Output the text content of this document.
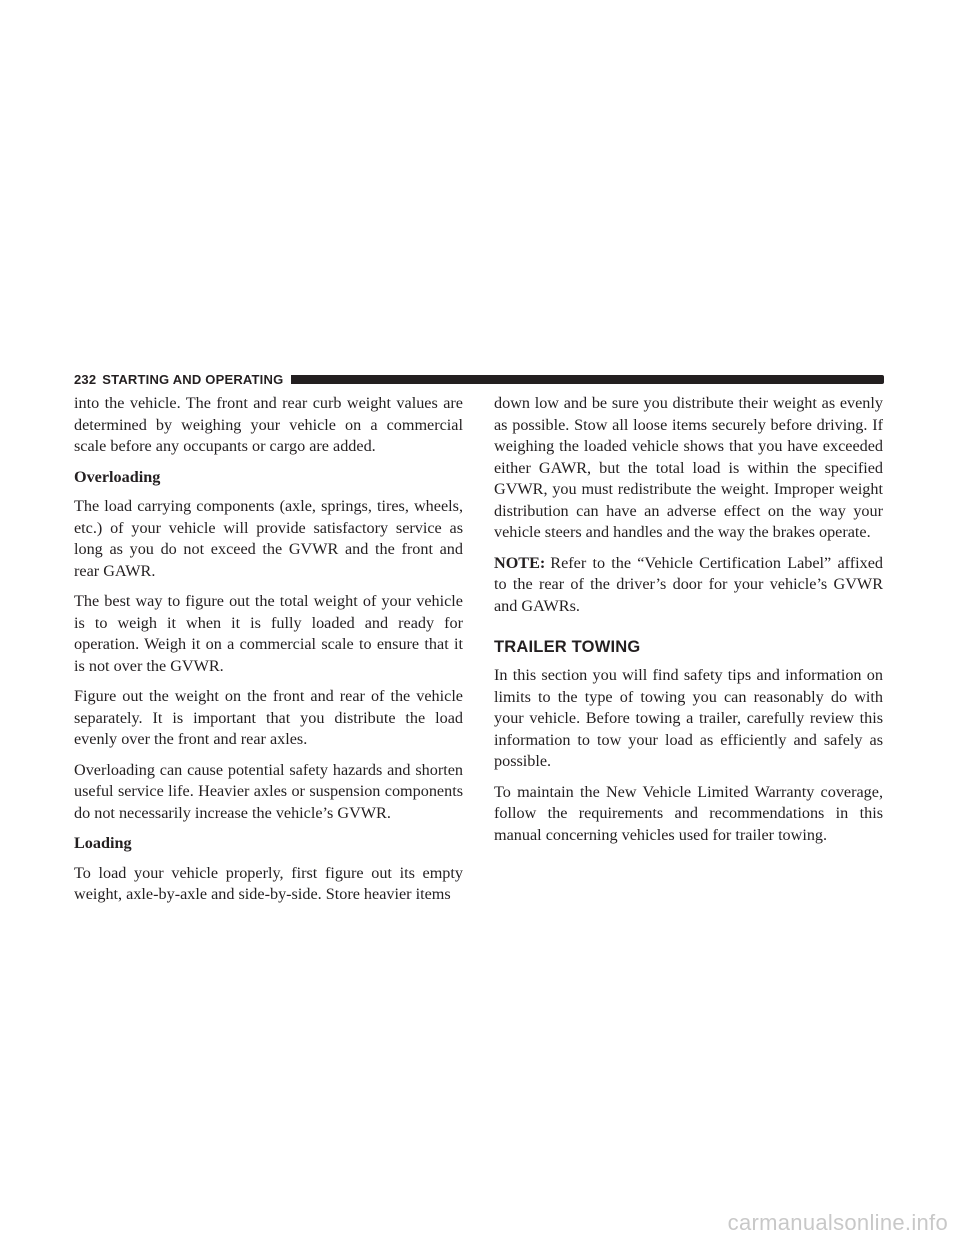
232 STARTING AND OPERATING

into the vehicle. The front and rear curb weight values are determined by weighing your vehicle on a commercial scale before any occupants or cargo are added.

Overloading

The load carrying components (axle, springs, tires, wheels, etc.) of your vehicle will provide satisfactory service as long as you do not exceed the GVWR and the front and rear GAWR.

The best way to figure out the total weight of your vehicle is to weigh it when it is fully loaded and ready for operation. Weigh it on a commercial scale to ensure that it is not over the GVWR.

Figure out the weight on the front and rear of the vehicle separately. It is important that you distribute the load evenly over the front and rear axles.

Overloading can cause potential safety hazards and shorten useful service life. Heavier axles or suspension components do not necessarily increase the vehicle’s GVWR.

Loading

To load your vehicle properly, first figure out its empty weight, axle-by-axle and side-by-side. Store heavier items

down low and be sure you distribute their weight as evenly as possible. Stow all loose items securely before driving. If weighing the loaded vehicle shows that you have exceeded either GAWR, but the total load is within the specified GVWR, you must redistribute the weight. Improper weight distribution can have an adverse effect on the way your vehicle steers and handles and the way the brakes operate.

NOTE: Refer to the “Vehicle Certification Label” affixed to the rear of the driver’s door for your vehicle’s GVWR and GAWRs.

TRAILER TOWING

In this section you will find safety tips and information on limits to the type of towing you can reasonably do with your vehicle. Before towing a trailer, carefully review this information to tow your load as efficiently and safely as possible.

To maintain the New Vehicle Limited Warranty coverage, follow the requirements and recommendations in this manual concerning vehicles used for trailer towing.

carmanualsonline.info
